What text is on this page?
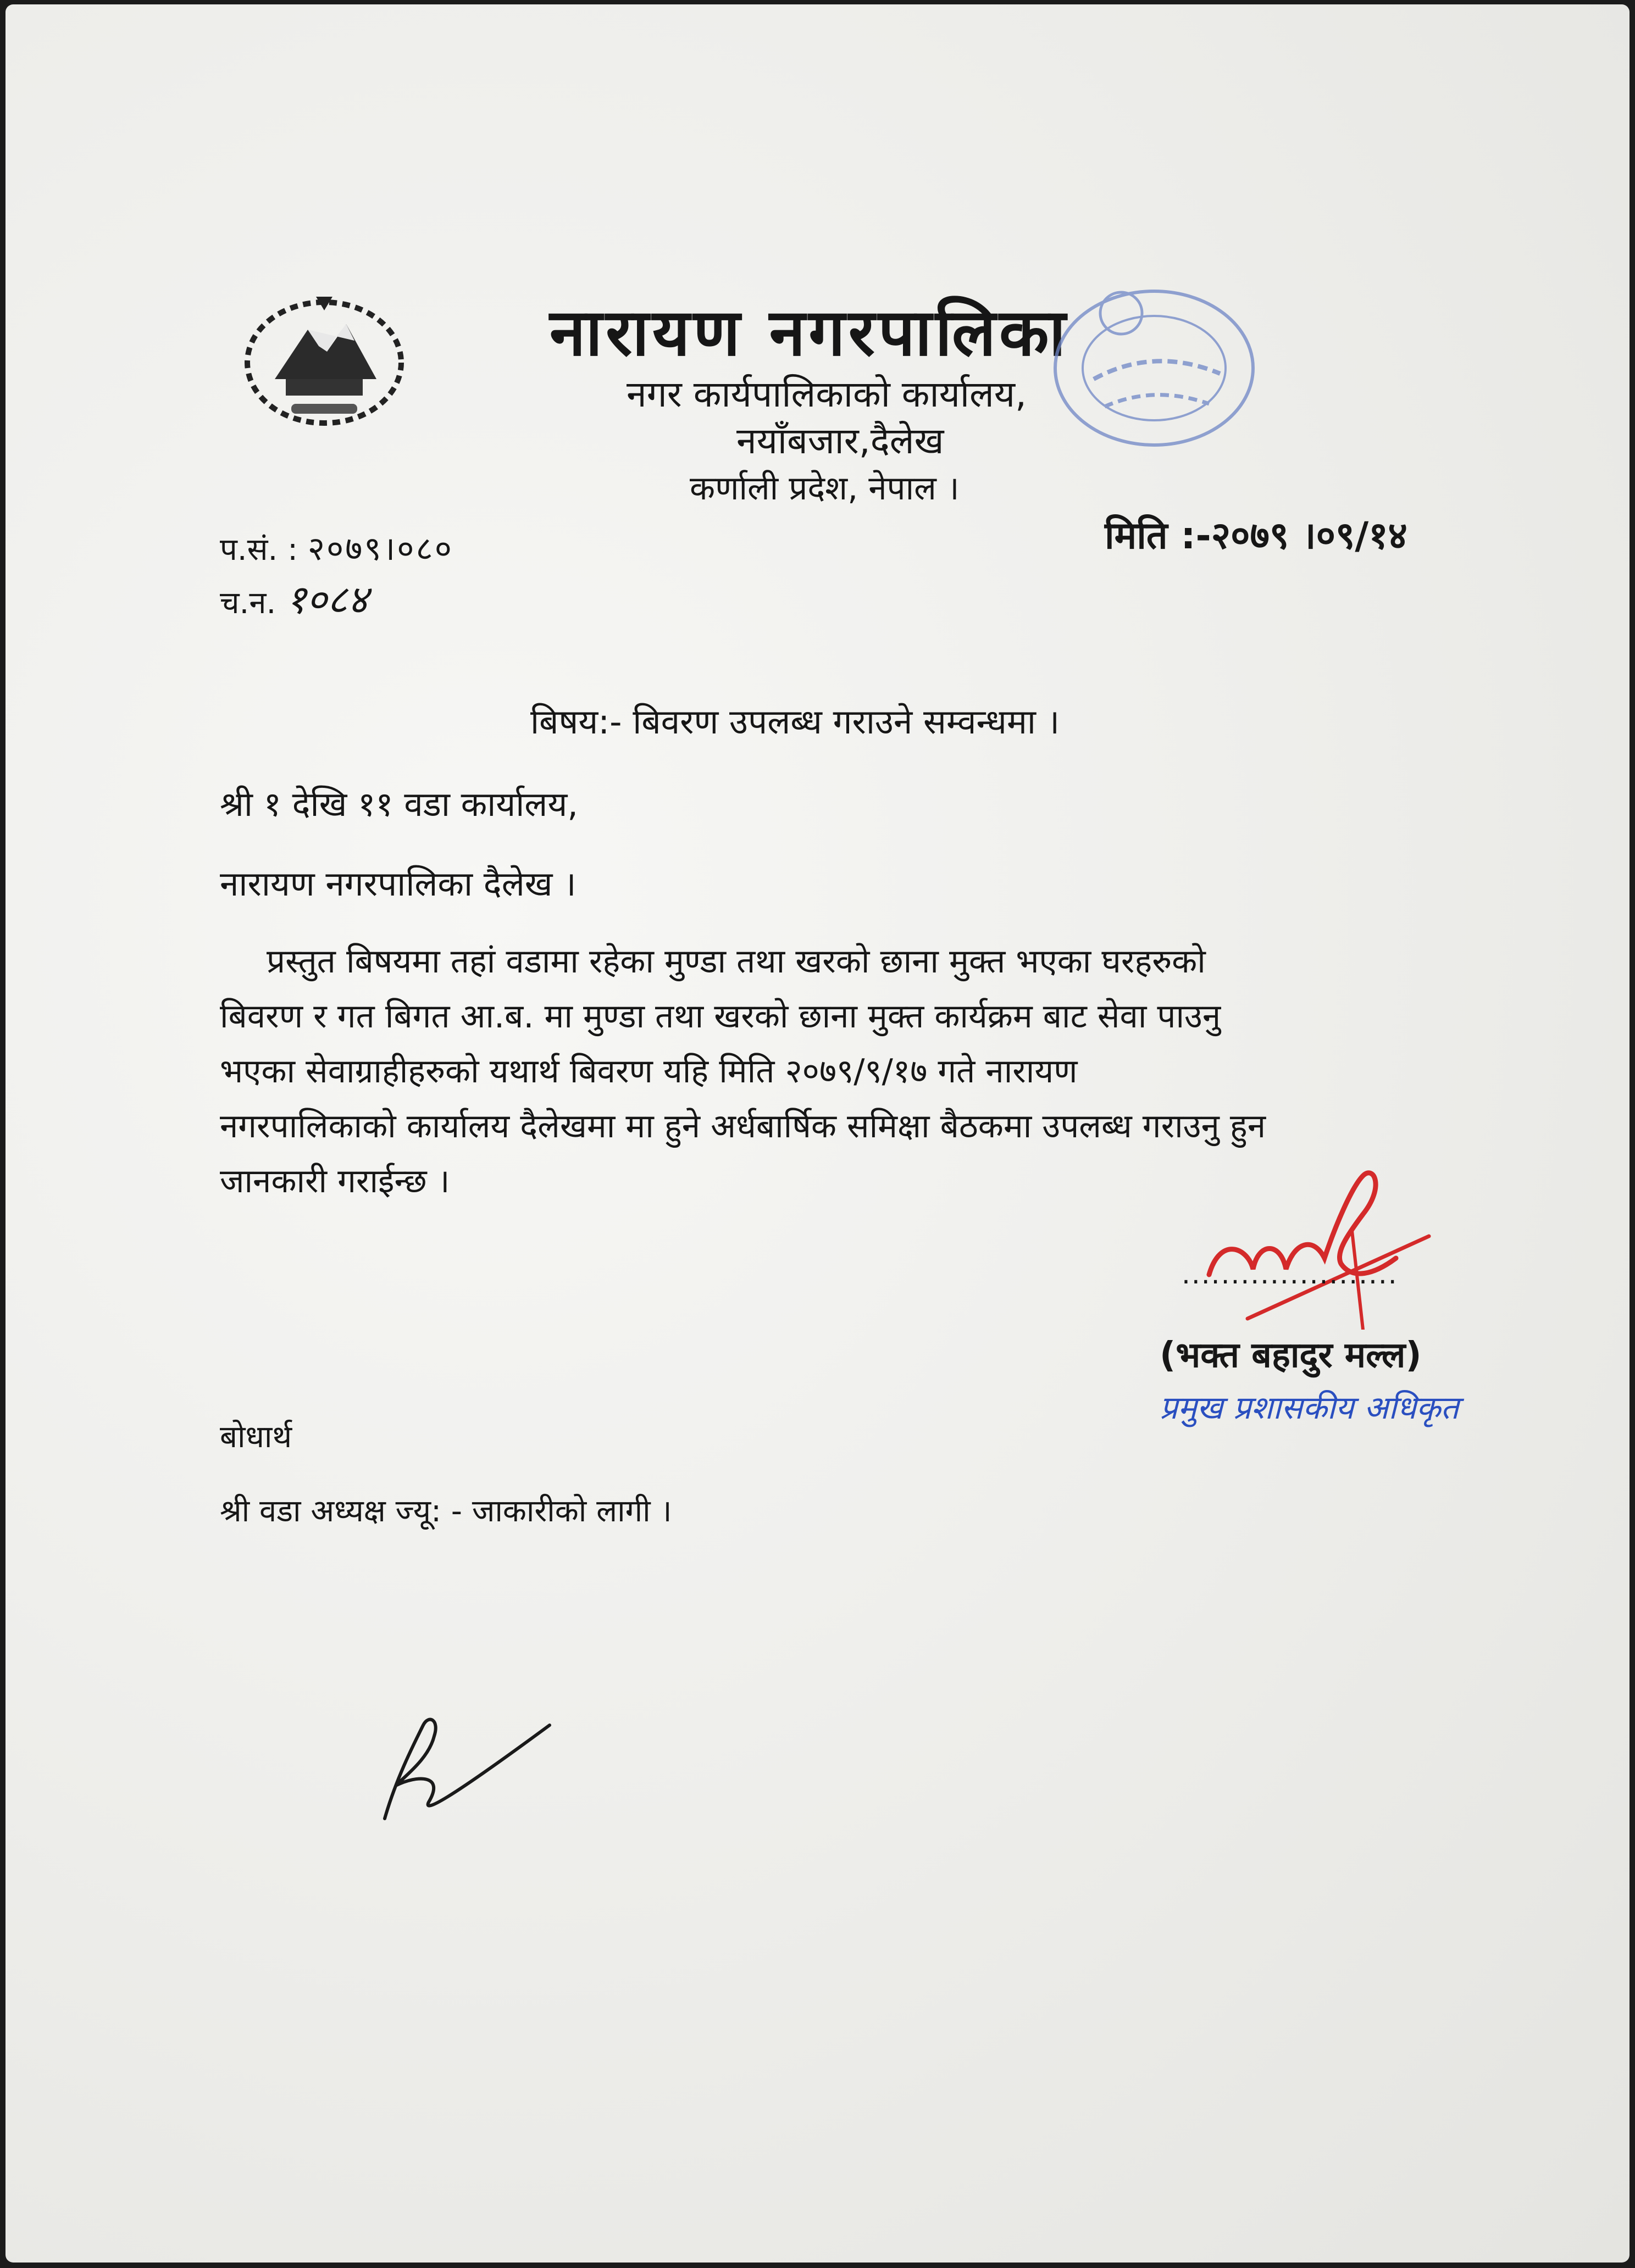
नारायण नगरपालिका
नगर कार्यपालिकाको कार्यालय,
नयाँबजार,दैलेख
कर्णाली प्रदेश, नेपाल ।
प.सं. : २०७९।०८०	मिति :-२०७९ ।०९/१४
च.न. १०८४
बिषय:- बिवरण उपलब्ध गराउने सम्वन्धमा ।
श्री १ देखि ११ वडा कार्यालय,
नारायण नगरपालिका दैलेख ।
प्रस्तुत बिषयमा तहां वडामा रहेका मुण्डा तथा खरको छाना मुक्त भएका घरहरुको
बिवरण र गत बिगत आ.ब. मा मुण्डा तथा खरको छाना मुक्त कार्यक्रम बाट सेवा पाउनु
भएका सेवाग्राहीहरुको यथार्थ बिवरण यहि मिति २०७९/९/१७ गते नारायण
नगरपालिकाको कार्यालय दैलेखमा मा हुने अर्धबार्षिक समिक्षा बैठकमा उपलब्ध गराउनु हुन
जानकारी गराईन्छ ।
......................
(भक्त बहादुर मल्ल)
प्रमुख प्रशासकीय अधिकृत
बोधार्थ
श्री वडा अध्यक्ष ज्यू: - जाकारीको लागी ।
